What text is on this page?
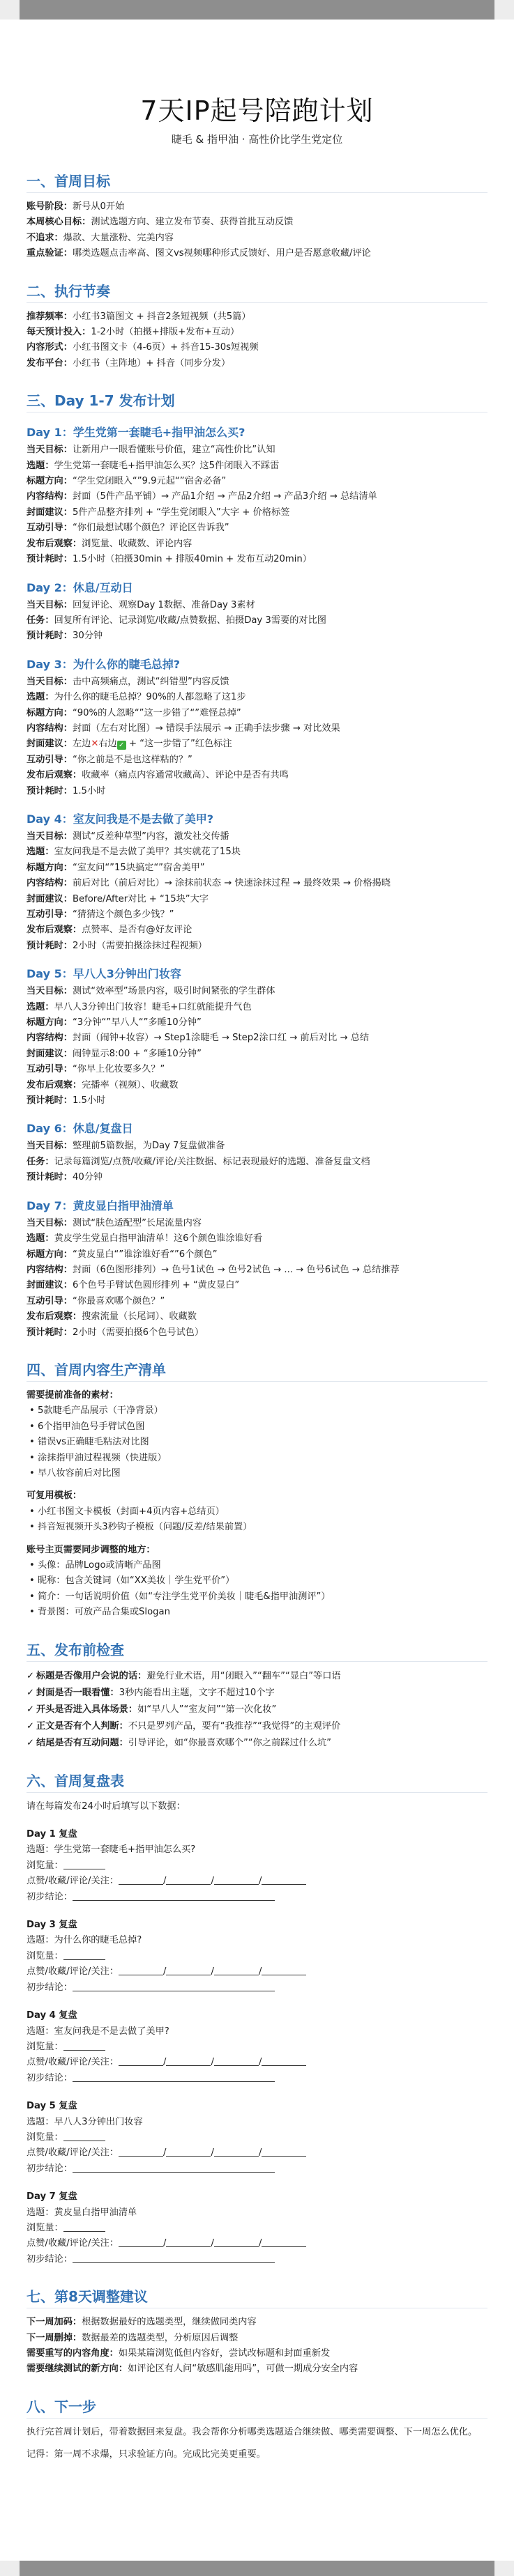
7天IP起号陪跑计划
睫毛 & 指甲油 · 高性价比学生党定位
一、首周目标

账号阶段：新号从0开始

本周核心目标：测试选题方向、建立发布节奏、获得首批互动反馈

不追求：爆款、大量涨粉、完美内容

重点验证：哪类选题点击率高、图文vs视频哪种形式反馈好、用户是否愿意收藏/评论

二、执行节奏

推荐频率：小红书3篇图文 + 抖音2条短视频（共5篇）

每天预计投入：1-2小时（拍摄+排版+发布+互动）

内容形式：小红书图文卡（4-6页）+ 抖音15-30s短视频

发布平台：小红书（主阵地）+ 抖音（同步分发）

三、Day 1-7 发布计划
Day 1：学生党第一套睫毛+指甲油怎么买?

当天目标：让新用户一眼看懂账号价值，建立“高性价比”认知

选题：学生党第一套睫毛+指甲油怎么买？这5件闭眼入不踩雷

标题方向：“学生党闭眼入“”9.9元起“”宿舍必备”

内容结构：封面（5件产品平铺）→ 产品1介绍 → 产品2介绍 → 产品3介绍 → 总结清单

封面建议：5件产品整齐排列 + “学生党闭眼入”大字 + 价格标签

互动引导：“你们最想试哪个颜色？评论区告诉我”

发布后观察：浏览量、收藏数、评论内容

预计耗时：1.5小时（拍摄30min + 排版40min + 发布互动20min）

Day 2：休息/互动日

当天目标：回复评论、观察Day 1数据、准备Day 3素材

任务：回复所有评论、记录浏览/收藏/点赞数据、拍摄Day 3需要的对比图

预计耗时：30分钟

Day 3：为什么你的睫毛总掉?

当天目标：击中高频痛点，测试“纠错型”内容反馈

选题：为什么你的睫毛总掉？90%的人都忽略了这1步

标题方向：“90%的人忽略“”这一步错了“”难怪总掉”

内容结构：封面（左右对比图）→ 错误手法展示 → 正确手法步骤 → 对比效果

封面建议：左边✕右边 ✓ + “这一步错了”红色标注

互动引导：“你之前是不是也这样粘的？”

发布后观察：收藏率（痛点内容通常收藏高）、评论中是否有共鸣

预计耗时：1.5小时

Day 4：室友问我是不是去做了美甲?

当天目标：测试“反差种草型”内容，激发社交传播

选题：室友问我是不是去做了美甲？其实就花了15块

标题方向：“室友问“”15块搞定“”宿舍美甲”

内容结构：前后对比（前后对比）→ 涂抹前状态 → 快速涂抹过程 → 最终效果 → 价格揭晓

封面建议：Before/After对比 + “15块”大字

互动引导：“猜猜这个颜色多少钱？”

发布后观察：点赞率、是否有@好友评论

预计耗时：2小时（需要拍摄涂抹过程视频）

Day 5：早八人3分钟出门妆容

当天目标：测试“效率型”场景内容，吸引时间紧张的学生群体

选题：早八人3分钟出门妆容！睫毛+口红就能提升气色

标题方向：“3分钟“”早八人“”多睡10分钟”

内容结构：封面（闹钟+妆容）→ Step1涂睫毛 → Step2涂口红 → 前后对比 → 总结

封面建议：闹钟显示8:00 + “多睡10分钟”

互动引导：“你早上化妆要多久？”

发布后观察：完播率（视频）、收藏数

预计耗时：1.5小时

Day 6：休息/复盘日

当天目标：整理前5篇数据，为Day 7复盘做准备

任务：记录每篇浏览/点赞/收藏/评论/关注数据、标记表现最好的选题、准备复盘文档

预计耗时：40分钟

Day 7：黄皮显白指甲油清单

当天目标：测试“肤色适配型”长尾流量内容

选题：黄皮学生党显白指甲油清单！这6个颜色谁涂谁好看

标题方向：“黄皮显白“”谁涂谁好看“”6个颜色”

内容结构：封面（6色图形排列）→ 色号1试色 → 色号2试色 → ... → 色号6试色 → 总结推荐

封面建议：6个色号手臂试色圆形排列 + “黄皮显白”

互动引导：“你最喜欢哪个颜色？”

发布后观察：搜索流量（长尾词）、收藏数

预计耗时：2小时（需要拍摄6个色号试色）

四、首周内容生产清单

需要提前准备的素材：

• 5款睫毛产品展示（干净背景）

• 6个指甲油色号手臂试色图

• 错误vs正确睫毛粘法对比图

• 涂抹指甲油过程视频（快进版）

• 早八妆容前后对比图

可复用模板：

• 小红书图文卡模板（封面+4页内容+总结页）

• 抖音短视频开头3秒钩子模板（问题/反差/结果前置）

账号主页需要同步调整的地方：

• 头像：品牌Logo或清晰产品图

• 昵称：包含关键词（如“XX美妆｜学生党平价”）

• 简介：一句话说明价值（如“专注学生党平价美妆｜睫毛&指甲油测评”）

• 背景图：可放产品合集或Slogan

五、发布前检查

✓ 标题是否像用户会说的话：避免行业术语，用“闭眼入”“翻车”“显白”等口语

✓ 封面是否一眼看懂：3秒内能看出主题，文字不超过10个字

✓ 开头是否进入具体场景：如“早八人”“室友问”“第一次化妆”

✓ 正文是否有个人判断：不只是罗列产品，要有“我推荐”“我觉得”的主观评价

✓ 结尾是否有互动问题：引导评论，如“你最喜欢哪个”“你之前踩过什么坑”

六、首周复盘表

请在每篇发布24小时后填写以下数据：

Day 1 复盘

选题：学生党第一套睫毛+指甲油怎么买?

浏览量：

点赞/收藏/评论/关注：	/	/	/

初步结论：

Day 3 复盘

选题：为什么你的睫毛总掉?

浏览量：

点赞/收藏/评论/关注：	/	/	/

初步结论：

Day 4 复盘

选题：室友问我是不是去做了美甲?

浏览量：

点赞/收藏/评论/关注：	/	/	/

初步结论：

Day 5 复盘

选题：早八人3分钟出门妆容

浏览量：

点赞/收藏/评论/关注：	/	/	/

初步结论：

Day 7 复盘

选题：黄皮显白指甲油清单

浏览量：

点赞/收藏/评论/关注：	/	/	/

初步结论：

七、第8天调整建议

下一周加码：根据数据最好的选题类型，继续做同类内容

下一周删掉：数据最差的选题类型，分析原因后调整

需要重写的内容角度：如果某篇浏览低但内容好，尝试改标题和封面重新发

需要继续测试的新方向：如评论区有人问“敏感肌能用吗”，可做一期成分安全内容

八、下一步

执行完首周计划后，带着数据回来复盘。我会帮你分析哪类选题适合继续做、哪类需要调整、下一周怎么优化。

记得：第一周不求爆，只求验证方向。完成比完美更重要。
